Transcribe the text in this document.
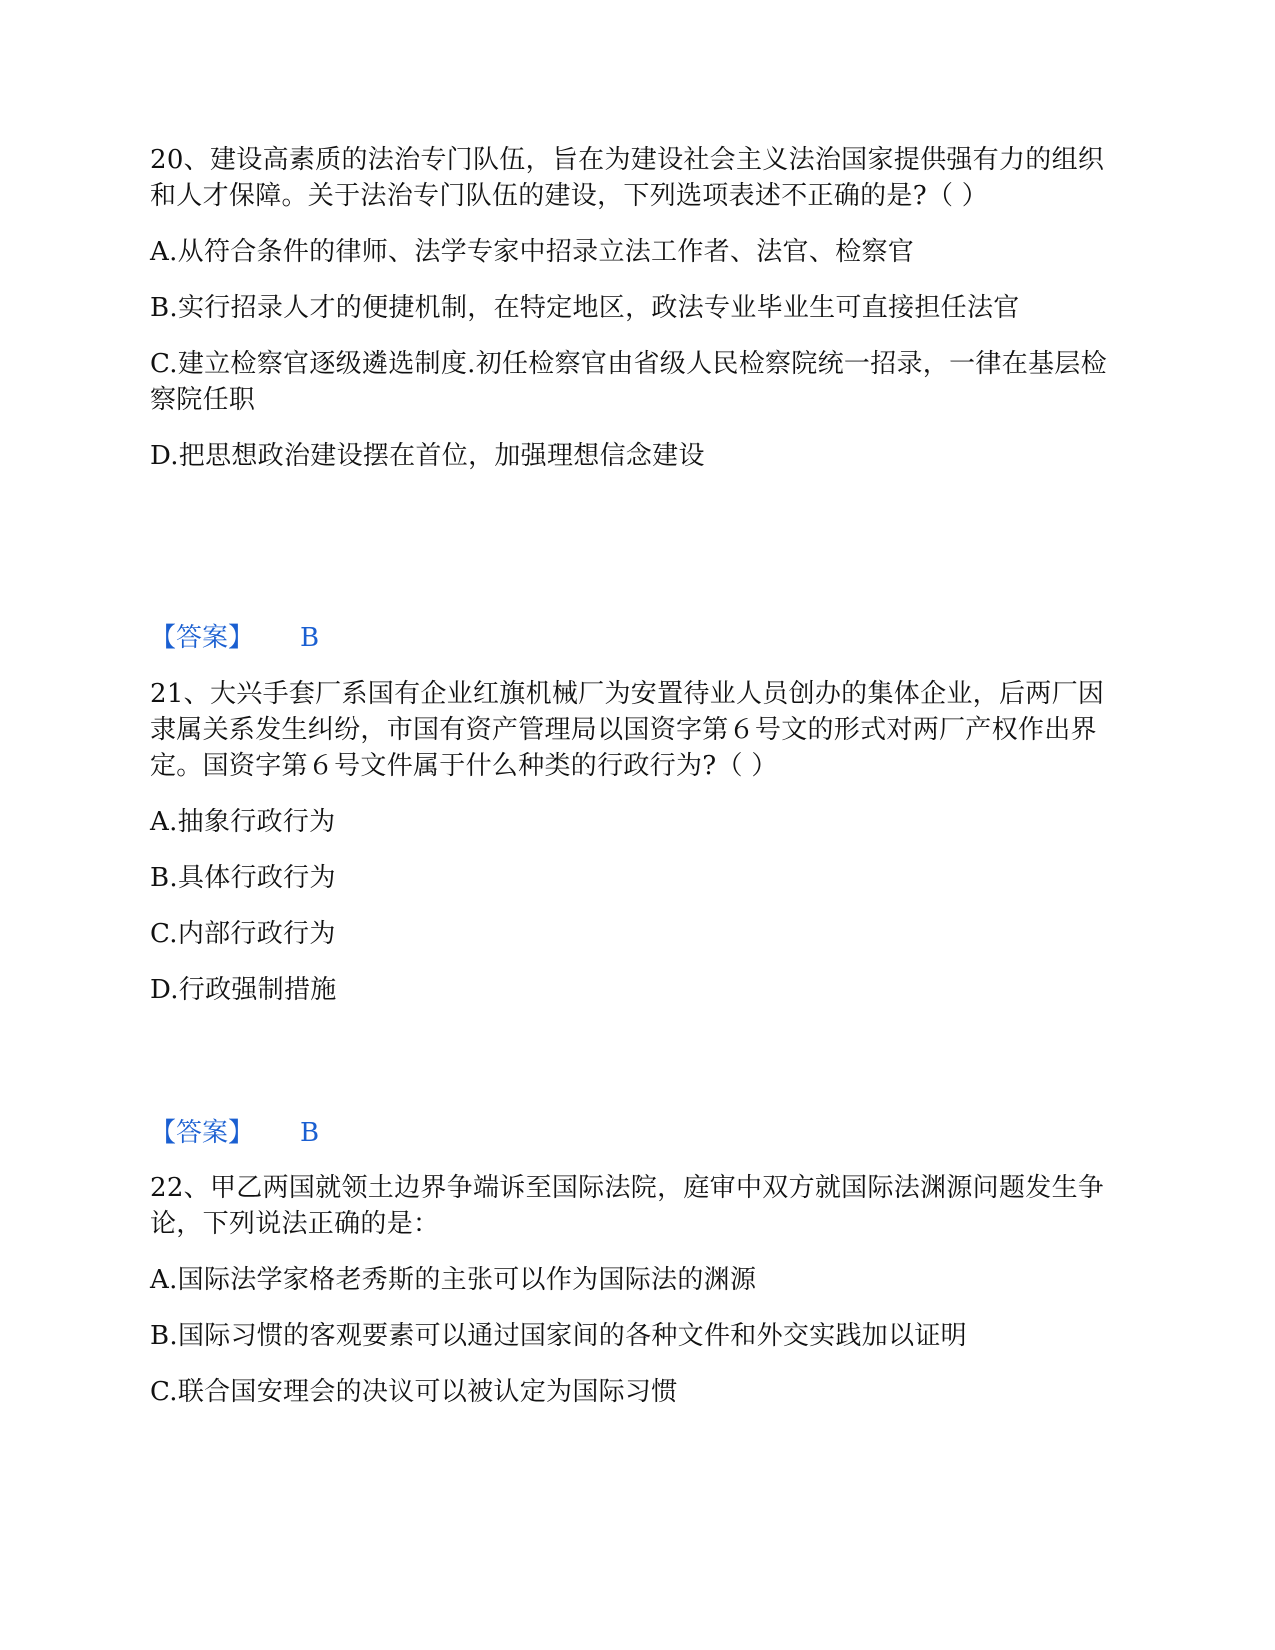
20、建设高素质的法治专门队伍，旨在为建设社会主义法治国家提供强有力的组织和人才保障。关于法治专门队伍的建设，下列选项表述不正确的是?（ ）
A.从符合条件的律师、法学专家中招录立法工作者、法官、检察官
B.实行招录人才的便捷机制，在特定地区，政法专业毕业生可直接担任法官
C.建立检察官逐级遴选制度.初任检察官由省级人民检察院统一招录，一律在基层检察院任职
D.把思想政治建设摆在首位，加强理想信念建设
【答案】 B
21、大兴手套厂系国有企业红旗机械厂为安置待业人员创办的集体企业，后两厂因隶属关系发生纠纷，市国有资产管理局以国资字第６号文的形式对两厂产权作出界定。国资字第６号文件属于什么种类的行政行为?（ ）
A.抽象行政行为
B.具体行政行为
C.内部行政行为
D.行政强制措施
【答案】 B
22、甲乙两国就领土边界争端诉至国际法院，庭审中双方就国际法渊源问题发生争论，下列说法正确的是：
A.国际法学家格老秀斯的主张可以作为国际法的渊源
B.国际习惯的客观要素可以通过国家间的各种文件和外交实践加以证明
C.联合国安理会的决议可以被认定为国际习惯
